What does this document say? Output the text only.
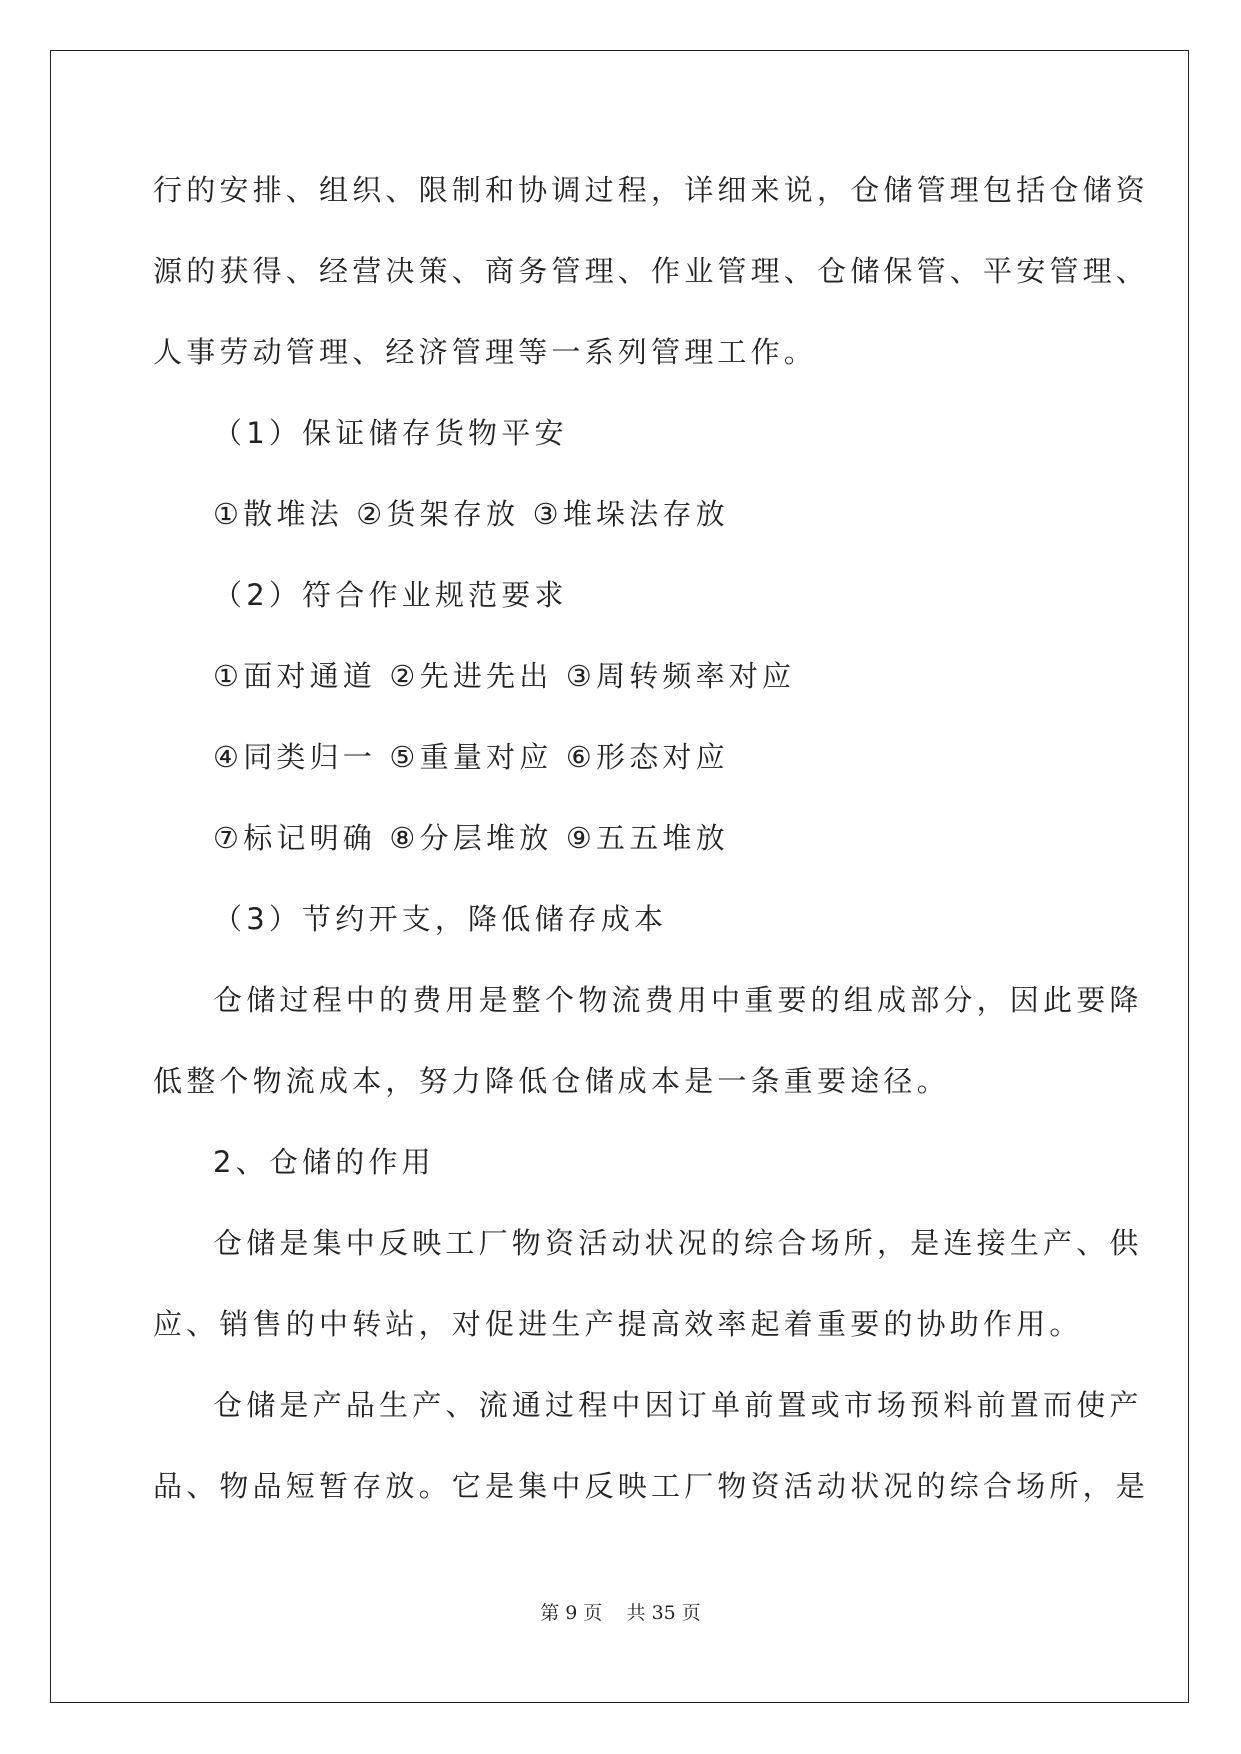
行的安排、组织、限制和协调过程，详细来说，仓储管理包括仓储资
源的获得、经营决策、商务管理、作业管理、仓储保管、平安管理、
人事劳动管理、经济管理等一系列管理工作。
（1）保证储存货物平安
①散堆法 ②货架存放 ③堆垛法存放
（2）符合作业规范要求
①面对通道 ②先进先出 ③周转频率对应
④同类归一 ⑤重量对应 ⑥形态对应
⑦标记明确 ⑧分层堆放 ⑨五五堆放
（3）节约开支，降低储存成本
仓储过程中的费用是整个物流费用中重要的组成部分，因此要降
低整个物流成本，努力降低仓储成本是一条重要途径。
2、仓储的作用
仓储是集中反映工厂物资活动状况的综合场所，是连接生产、供
应、销售的中转站，对促进生产提高效率起着重要的协助作用。
仓储是产品生产、流通过程中因订单前置或市场预料前置而使产
品、物品短暂存放。它是集中反映工厂物资活动状况的综合场所，是
第 9 页    共 35 页
